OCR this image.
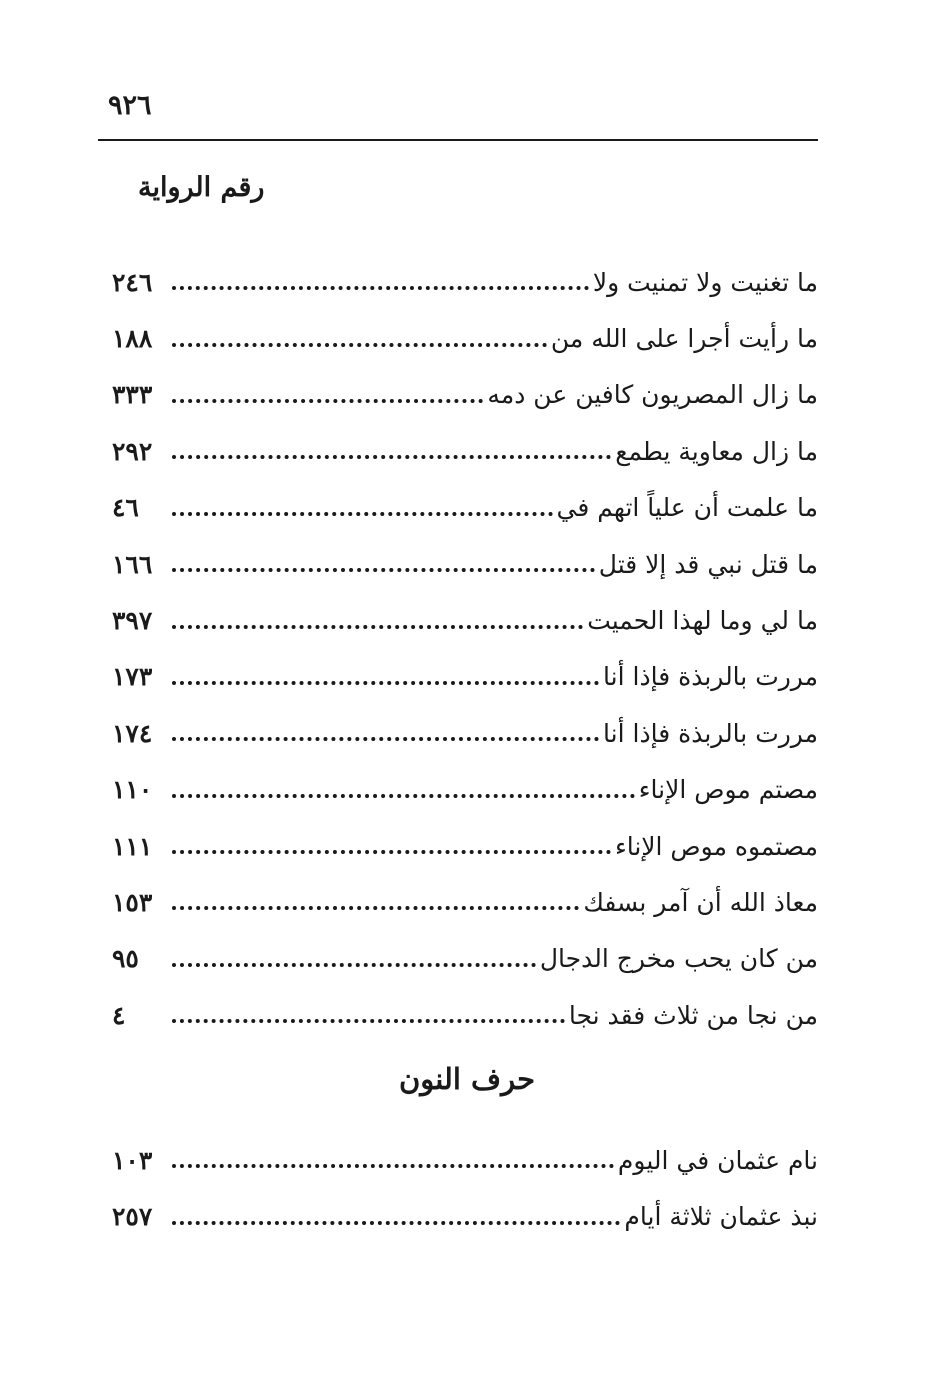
٩٢٦
رقم الرواية
ما تغنيت ولا تمنيت ولا
٢٤٦
ما رأيت أجرا على الله من
١٨٨
ما زال المصريون كافين عن دمه
٣٣٣
ما زال معاوية يطمع
٢٩٢
ما علمت أن علياً اتهم في
٤٦
ما قتل نبي قد إلا قتل
١٦٦
ما لي وما لهذا الحميت
٣٩٧
مررت بالربذة فإذا أنا
١٧٣
مررت بالربذة فإذا أنا
١٧٤
مصتم موص الإناء
١١٠
مصتموه موص الإناء
١١١
معاذ الله أن آمر بسفك
١٥٣
من كان يحب مخرج الدجال
٩٥
من نجا من ثلاث فقد نجا
٤
حرف النون
نام عثمان في اليوم
١٠٣
نبذ عثمان ثلاثة أيام
٢٥٧
